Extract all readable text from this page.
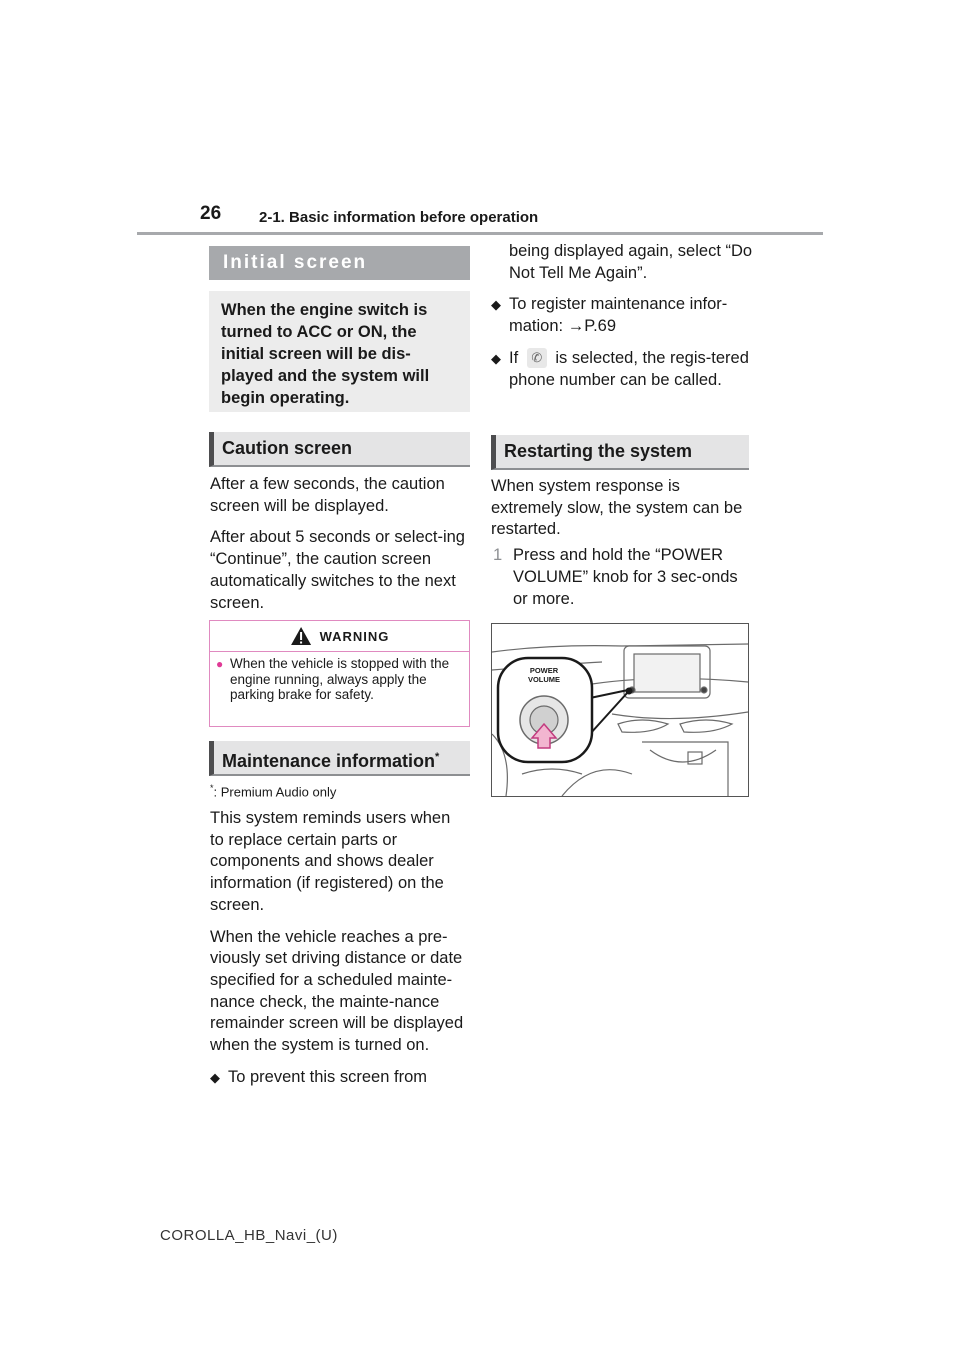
26	2-1. Basic information before operation
Initial screen
When the engine switch is turned to ACC or ON, the initial screen will be dis-played and the system will begin operating.
Caution screen

After a few seconds, the caution screen will be displayed.

After about 5 seconds or select-ing “Continue”, the caution screen automatically switches to the next screen.

WARNING
● When the vehicle is stopped with the engine running, always apply the parking brake for safety.
Maintenance information*
*: Premium Audio only

This system reminds users when to replace certain parts or components and shows dealer information (if registered) on the screen.

When the vehicle reaches a pre-viously set driving distance or date specified for a scheduled mainte-nance check, the mainte-nance remainder screen will be displayed when the system is turned on.

◆ To prevent this screen from

being displayed again, select “Do Not Tell Me Again”.

◆ To register maintenance infor-mation: →P.69
◆ If ✆ is selected, the regis-tered phone number can be called.
Restarting the system

When system response is extremely slow, the system can be restarted.

1 Press and hold the “POWER VOLUME” knob for 3 sec-onds or more.
POWER
VOLUME
COROLLA_HB_Navi_(U)
